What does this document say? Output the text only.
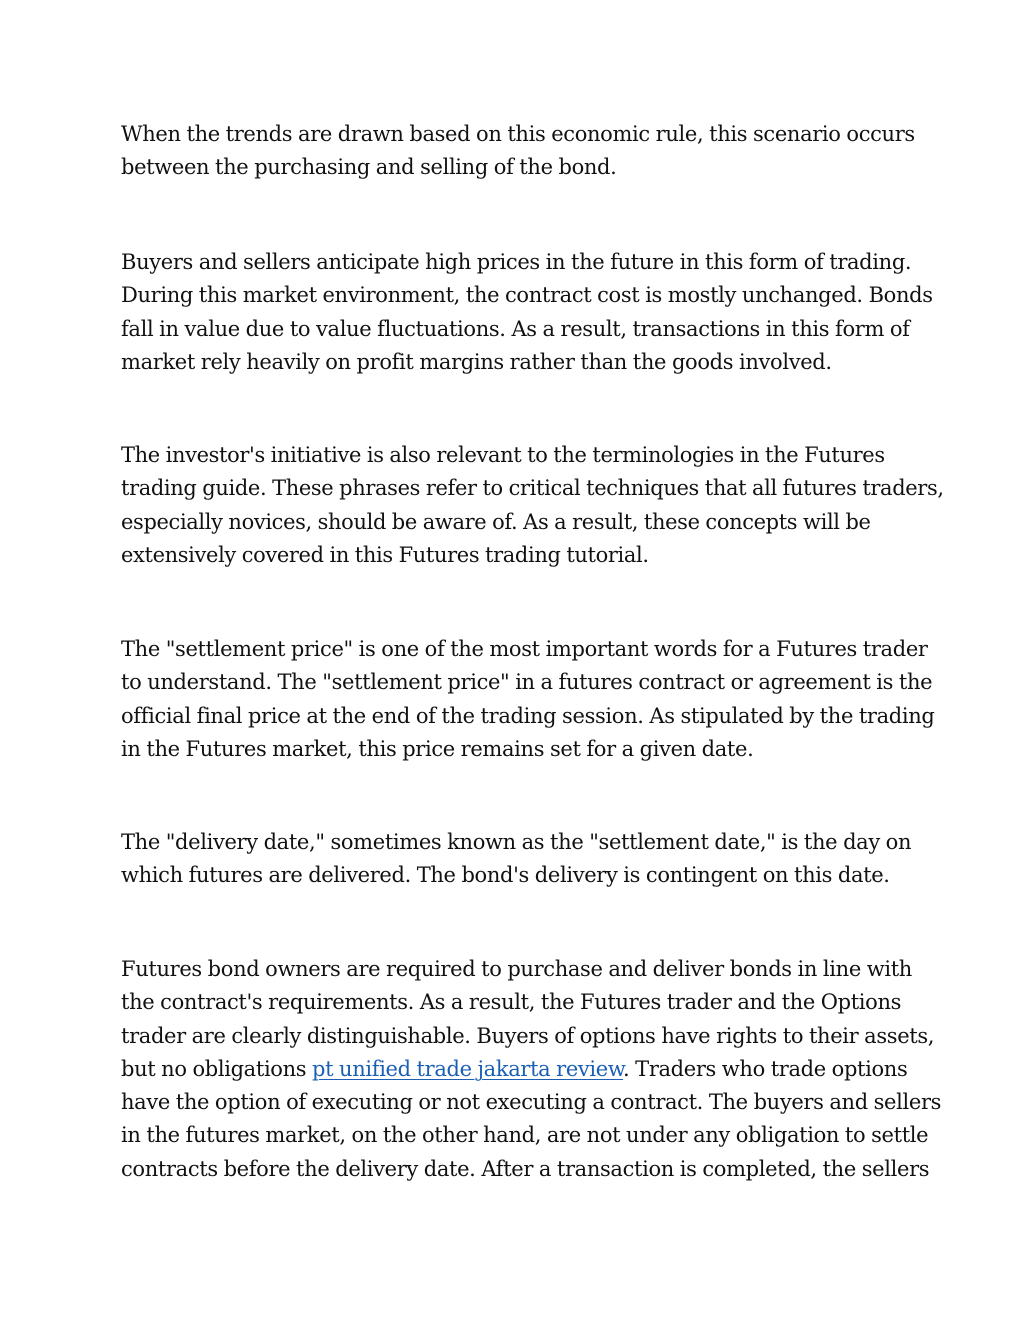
When the trends are drawn based on this economic rule, this scenario occurs
between the purchasing and selling of the bond.

Buyers and sellers anticipate high prices in the future in this form of trading.
During this market environment, the contract cost is mostly unchanged. Bonds
fall in value due to value fluctuations. As a result, transactions in this form of
market rely heavily on profit margins rather than the goods involved.

The investor's initiative is also relevant to the terminologies in the Futures
trading guide. These phrases refer to critical techniques that all futures traders,
especially novices, should be aware of. As a result, these concepts will be
extensively covered in this Futures trading tutorial.

The "settlement price" is one of the most important words for a Futures trader
to understand. The "settlement price" in a futures contract or agreement is the
official final price at the end of the trading session. As stipulated by the trading
in the Futures market, this price remains set for a given date.

The "delivery date," sometimes known as the "settlement date," is the day on
which futures are delivered. The bond's delivery is contingent on this date.

Futures bond owners are required to purchase and deliver bonds in line with
the contract's requirements. As a result, the Futures trader and the Options
trader are clearly distinguishable. Buyers of options have rights to their assets,
but no obligations pt unified trade jakarta review. Traders who trade options
have the option of executing or not executing a contract. The buyers and sellers
in the futures market, on the other hand, are not under any obligation to settle
contracts before the delivery date. After a transaction is completed, the sellers
